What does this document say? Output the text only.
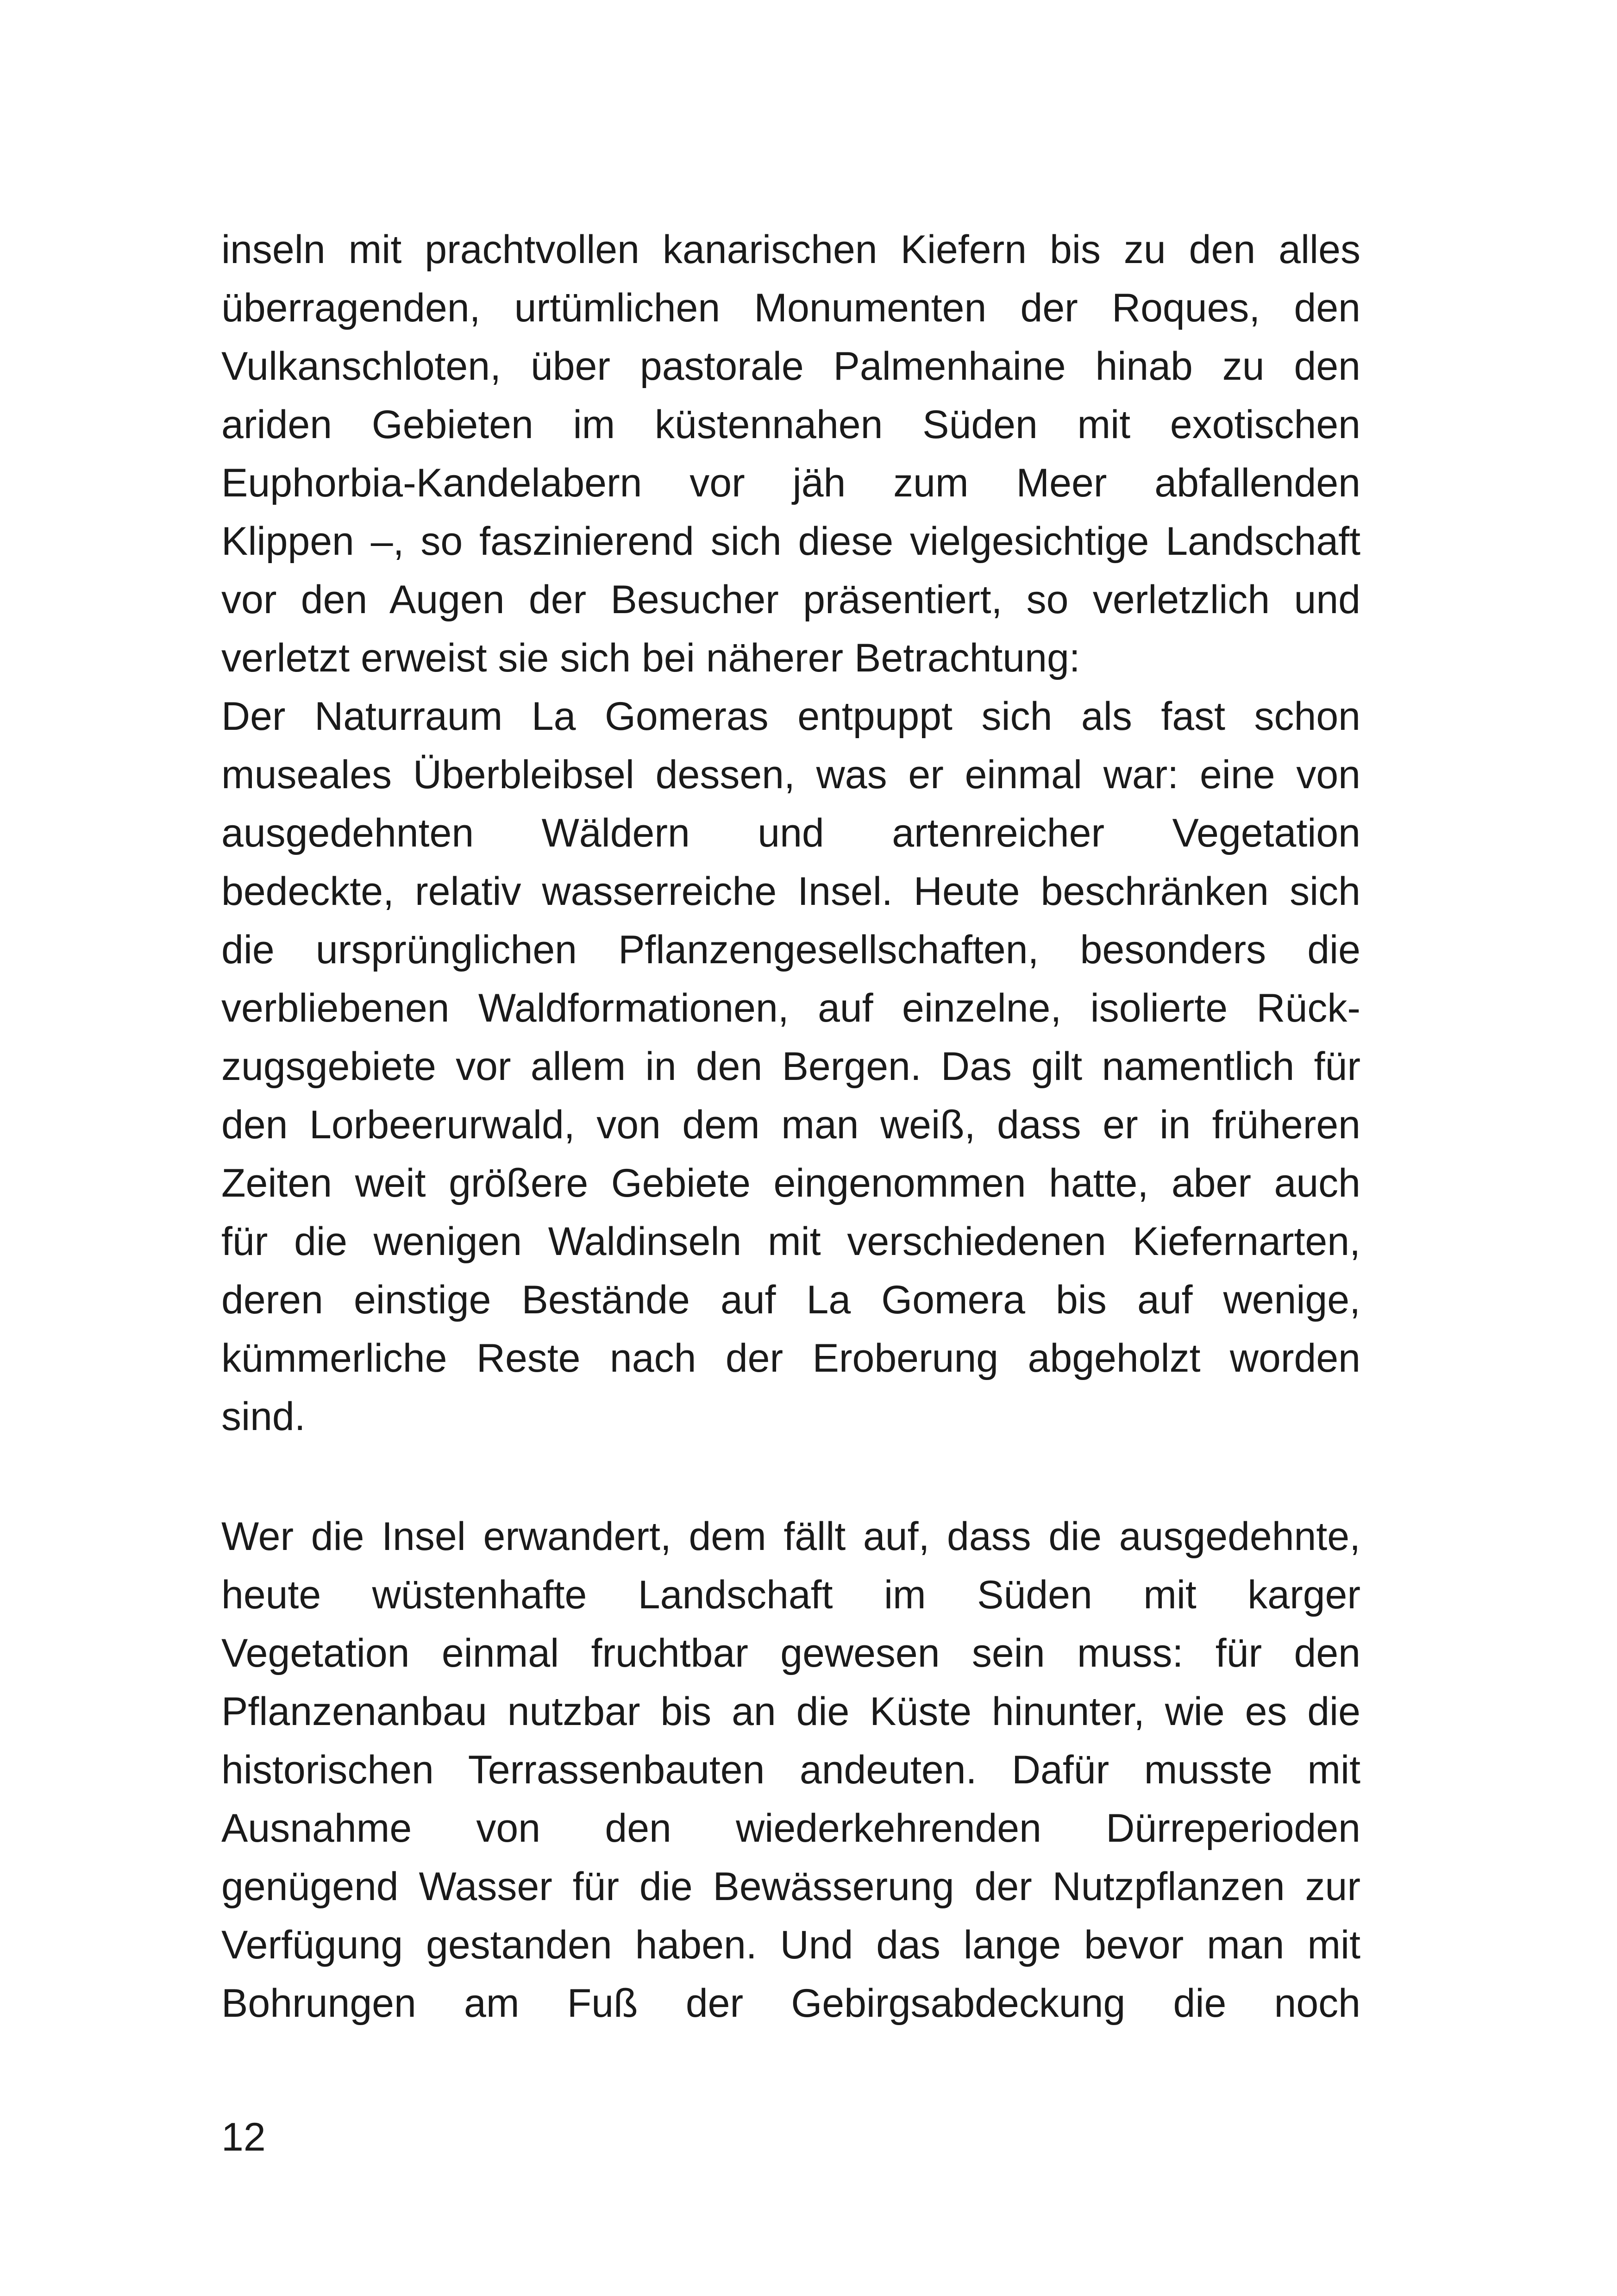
inseln mit prachtvollen kanarischen Kiefern bis zu den alles
überragenden, urtümlichen Monumenten der Roques, den
Vulkanschloten, über pastorale Palmenhaine hinab zu den
ariden Gebieten im küstennahen Süden mit exotischen
Euphorbia-Kandelabern vor jäh zum Meer abfallenden
Klippen –, so faszinierend sich diese vielgesichtige Landschaft
vor den Augen der Besucher präsentiert, so verletzlich und
verletzt erweist sie sich bei näherer Betrachtung:
Der Naturraum La Gomeras entpuppt sich als fast schon
museales Überbleibsel dessen, was er einmal war: eine von
ausgedehnten Wäldern und artenreicher Vegetation
bedeckte, relativ wasserreiche Insel. Heute beschränken sich
die ursprünglichen Pflanzengesellschaften, besonders die
verbliebenen Waldformationen, auf einzelne, isolierte Rück-
zugsgebiete vor allem in den Bergen. Das gilt namentlich für
den Lorbeerurwald, von dem man weiß, dass er in früheren
Zeiten weit größere Gebiete eingenommen hatte, aber auch
für die wenigen Waldinseln mit verschiedenen Kiefernarten,
deren einstige Bestände auf La Gomera bis auf wenige,
kümmerliche Reste nach der Eroberung abgeholzt worden
sind.
Wer die Insel erwandert, dem fällt auf, dass die ausgedehnte,
heute wüstenhafte Landschaft im Süden mit karger
Vegetation einmal fruchtbar gewesen sein muss: für den
Pflanzenanbau nutzbar bis an die Küste hinunter, wie es die
historischen Terrassenbauten andeuten. Dafür musste mit
Ausnahme von den wiederkehrenden Dürreperioden
genügend Wasser für die Bewässerung der Nutzpflanzen zur
Verfügung gestanden haben. Und das lange bevor man mit
Bohrungen am Fuß der Gebirgsabdeckung die noch
12
